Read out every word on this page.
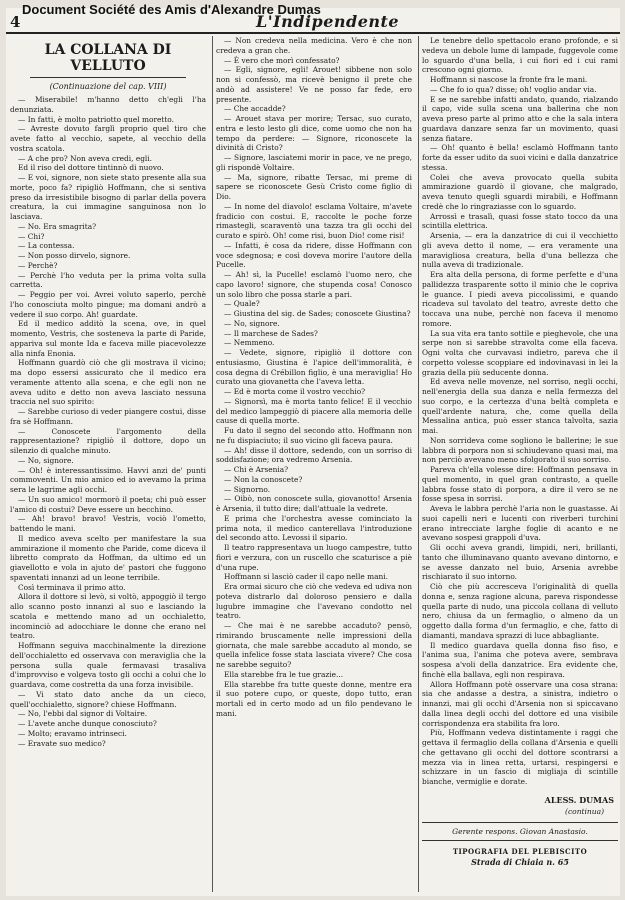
Document Société des Amis d'Alexandre Dumas
4	L'Indipendente
LA COLLANA DI VELLUTO
(Continuazione del cap. VIII)

— Miserabile! m'hanno detto ch'egli l'ha denunziata.

— In fatti, è molto patriotto quel moretto.

— Avreste dovuto farglì proprio quel tiro che avete fatto al vecchio, sapete, al vecchio della vostra scatola.

— A che pro? Non aveva credi, egli.

Ed il riso del dottore tintinnò di nuovo.

— E voi, signore, non siete stato presente alla sua morte, poco fa? ripigliò Hoffmann, che si sentiva preso da irresistibile bisogno di parlar della povera creatura, la cui immagine sanguinosa non lo lasciava.

— No. Era smagrita?

— Chi?

— La contessa.

— Non posso dirvelo, signore.

— Perchè?

— Perchè l'ho veduta per la prima volta sulla carretta.

— Peggio per voi. Avrei voluto saperlo, perchè l'ho conosciuta molto pingue; ma domani andrò a vedere il suo corpo. Ah! guardate.

Ed il medico additò la scena, ove, in quel momento, Vestris, che sosteneva la parte di Paride, appariva sul monte Ida e faceva mille piacevolezze alla ninfa Enonia.

Hoffmann guardò ciò che gli mostrava il vicino; ma dopo essersi assicurato che il medico era veramente attento alla scena, e che egli non ne aveva udito e detto non aveva lasciato nessuna traccia nel suo spirito:

— Sarebbe curioso di veder piangere costui, disse fra sè Hoffmann.

— Conoscete l'argomento della rappresentazione? ripigliò il dottore, dopo un silenzio di qualche minuto.

— No, signore.

— Oh! è interessantissimo. Havvi anzi de' punti commoventi. Un mio amico ed io avevamo la prima sera le lagrime agli occhi.

— Un suo amico! mormorò il poeta; chi può esser l'amico di costui? Deve essere un becchino.

— Ah! bravo! bravo! Vestris, vociò l'ometto, battendo le mani.

Il medico aveva scelto per manifestare la sua ammirazione il momento che Paride, come diceva il libretto comprato da Hoffman, da ultimo ed un giavellotto e vola in ajuto de' pastori che fuggono spaventati innanzi ad un leone terribile.

Così terminava il primo atto.

Allora il dottore si levò, si voltò, appoggiò il tergo allo scanno posto innanzi al suo e lasciando la scatola e mettendo mano ad un occhialetto, incominciò ad adocchiare le donne che erano nel teatro.

Hoffmann seguiva macchinalmente la direzione dell'occhialetto ed osservava con meraviglia che la persona sulla quale fermavasi trasaliva d'improvviso e volgeva tosto gli occhi a colui che lo guardava, come costretta da una forza invisibile.

— Vi stato dato anche da un cieco, quell'occhialetto, signore? chiese Hoffmann.

— No, l'ebbi dal signor di Voltaire.

— L'avete anche dunque conosciuto?

— Molto; eravamo intrinseci.

— Eravate suo medico?

— Non credeva nella medicina. Vero è che non credeva a gran che.

— È vero che morì confessato?

— Egli, signore, egli! Arouet! sibbene non solo non si confessò, ma ricevè benigno il prete che andò ad assistere! Ve ne posso far fede, ero presente.

— Che accadde?

— Arouet stava per morire; Tersac, suo curato, entra e lesto lesto gli dice, come uomo che non ha tempo da perdere: — Signore, riconoscete la divinità di Cristo?

— Signore, lasciatemi morir in pace, ve ne prego, gli rispondè Voltaire.

— Ma, signore, ribatte Tersac, mi preme di sapere se riconoscete Gesù Cristo come figlio di Dio.

— In nome del diavolo! esclama Voltaire, m'avete fradicio con costui. E, raccolte le poche forze rimastegli, scaraventò una tazza tra gli occhi del curato e spirò. Oh! come risi, buon Dio! come risi!

— Infatti, è cosa da ridere, disse Hoffmann con voce sdegnosa; e così doveva morire l'autore della Pucelle.

— Ah! sì, la Pucelle! esclamò l'uomo nero, che capo lavoro! signore, che stupenda cosa! Conosco un solo libro che possa starle a pari.

— Quale?

— Giustina del sig. de Sades; conoscete Giustina?

— No, signore.

— Il marchese de Sades?

— Nemmeno.

— Vedete, signore, ripigliò il dottore con entusiasmo, Giustina è l'apice dell'immoralità, è cosa degna di Crébillon figlio, è una meraviglia! Ho curato una giovanetta che l'aveva letta.

— Ed è morta come il vostro vecchio?

— Signorsì, ma è morta tanto felice! E il vecchio del medico lampeggiò di piacere alla memoria delle cause di quella morte.

Fu dato il segno del secondo atto. Hoffmann non ne fu dispiaciuto; il suo vicino gli faceva paura.

— Ah! disse il dottore, sedendo, con un sorriso di soddisfazione; ora vedremo Arsenia.

— Chi è Arsenia?

— Non la conoscete?

— Signorno.

— Oibò, non conoscete sulla, giovanotto! Arsenia è Arsenia, il tutto dire; dall'attuale la vedrete.

E prima che l'orchestra avesse cominciato la prima nota, il medico canterellava l'introduzione del secondo atto. Levossi il sipario.

Il teatro rappresentava un luogo campestre, tutto fiori e verzura, con un ruscello che scaturisce a piè d'una rupe.

Hoffmann si lasciò cader il capo nelle mani.

Era ormai sicuro che ciò che vedeva ed udiva non poteva distrarlo dal doloroso pensiero e dalla lugubre immagine che l'avevano condotto nel teatro.

— Che mai è ne sarebbe accaduto? pensò, rimirando bruscamente nelle impressioni della giornata, che male sarebbe accaduto al mondo, se quella infelice fosse stata lasciata vivere? Che cosa ne sarebbe seguito?

Ella starebbe fra le tue grazie...

Ella starebbe fra tutte queste donne, mentre era il suo potere cupo, or queste, dopo tutto, eran mortali ed in certo modo ad un filo pendevano le mani.

Le tenebre dello spettacolo erano profonde, e si vedeva un debole lume di lampade, fuggevole come lo sguardo d'una bella, i cui fiori ed i cui rami crescono ogni giorno.

Hoffmann si nascose la fronte fra le mani.

— Che fo io qua? disse; oh! voglio andar via.

E se ne sarebbe infatti andato, quando, rialzando il capo, vide sulla scena una ballerina che non aveva preso parte al primo atto e che la sala intera guardava danzare senza far un movimento, quasi senza fiatare.

— Oh! quanto è bella! esclamò Hoffmann tanto forte da esser udito da suoi vicini e dalla danzatrice stessa.

Colei che aveva provocato quella subita ammirazione guardò il giovane, che malgrado, aveva tenuto quegli sguardi mirabili, e Hoffmann credè che lo ringraziasse con lo sguardo.

Arrossì e trasalì, quasi fosse stato tocco da una scintilla elettrica.

Arsenia, — era la danzatrice di cui il vecchietto gli aveva detto il nome, — era veramente una maravigliosa creatura, bella d'una bellezza che nulla aveva di tradizionale.

Era alta della persona, di forme perfette e d'una pallidezza trasparente sotto il minio che le copriva le guance. I piedi aveva piccolissimi, e quando ricadeva sul tavolato del teatro, avreste detto che toccava una nube, perchè non faceva il menomo romore.

La sua vita era tanto sottile e pieghevole, che una serpe non si sarebbe stravolta come ella faceva. Ogni volta che curvavasi indietro, pareva che il corpetto volesse scoppiare ed indovinavasi in lei la grazia della più seducente donna.

Ed aveva nelle movenze, nel sorriso, negli occhi, nell'energia della sua danza e nella fermezza del suo corpo, e la certezza d'una beltà completa e quell'ardente natura, che, come quella della Messalina antica, può esser stanca talvolta, sazia mai.

Non sorrideva come sogliono le ballerine; le sue labbra di porpora non si schiudevano quasi mai, ma non perciò avevano meno sfolgorato il suo sorriso.

Pareva ch'ella volesse dire: Hoffmann pensava in quel momento, in quel gran contrasto, a quelle labbra fosse stato di porpora, a dire il vero se ne fosse spesa in sorrisi.

Aveva le labbra perchè l'aria non le guastasse. Ai suoi capelli neri e lucenti con riverberi turchini erano intrecciate larghe foglie di acanto e ne avevano sospesi grappoli d'uva.

Gli occhi aveva grandi, limpidi, neri, brillanti, tanto che illuminavano quanto avevano dintorno, e se avesse danzato nel buio, Arsenia avrebbe rischiarato il suo intorno.

Ciò che più accresceva l'originalità di quella donna e, senza ragione alcuna, pareva rispondesse quella parte di nudo, una piccola collana di velluto nero, chiusa da un fermaglio, o almeno da un oggetto dalla forma d'un fermaglio, e che, fatto di diamanti, mandava sprazzi di luce abbagliante.

Il medico guardava quella donna fiso fiso, e l'anima sua, l'anima che poteva avere, sembrava sospesa a'voli della danzatrice. Era evidente che, finchè ella ballava, egli non respirava.

Allora Hoffmann potè osservare una cosa strana: sia che andasse a destra, a sinistra, indietro o innanzi, mai gli occhi d'Arsenia non si spiccavano dalla linea degli occhi del dottore ed una visibile corrispondenza era stabilita fra loro.

Più, Hoffmann vedeva distintamente i raggi che gettava il fermaglio della collana d'Arsenia e quelli che gettavano gli occhi del dottore scontrarsi a mezza via in linea retta, urtarsi, respingersi e schizzare in un fascio di migliaja di scintille bianche, vermiglie e dorate.

ALESS. DUMAS
(continua)
Gerente respons. Giovan Anastasio.
TIPOGRAFIA DEL PLEBISCITO
Strada di Chiaia n. 65
